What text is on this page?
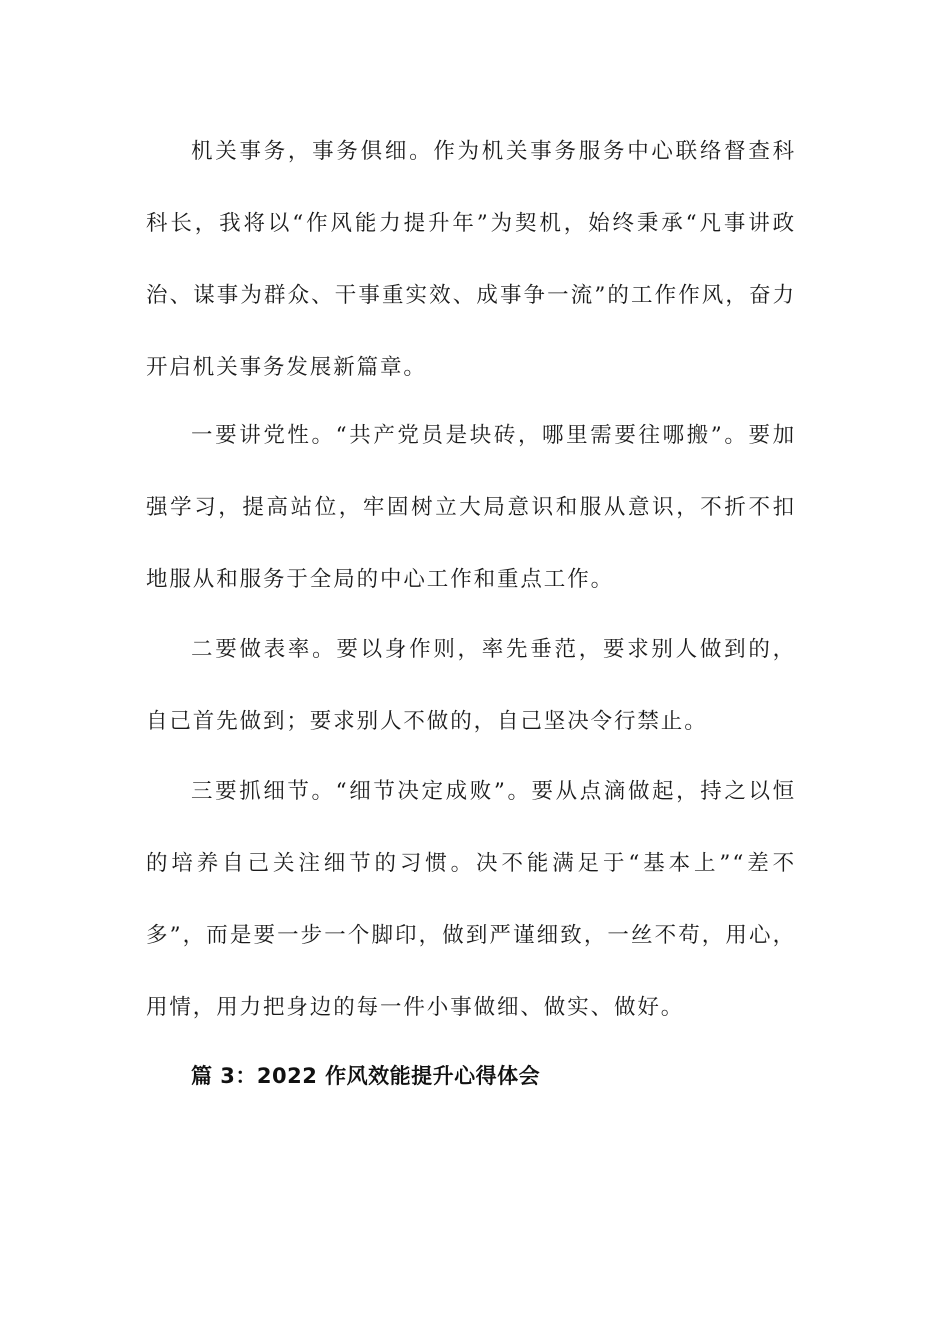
机关事务，事务俱细。作为机关事务服务中心联络督查科科长，我将以“作风能力提升年”为契机，始终秉承“凡事讲政治、谋事为群众、干事重实效、成事争一流”的工作作风，奋力开启机关事务发展新篇章。

一要讲党性。“共产党员是块砖，哪里需要往哪搬”。要加强学习，提高站位，牢固树立大局意识和服从意识，不折不扣地服从和服务于全局的中心工作和重点工作。

二要做表率。要以身作则，率先垂范，要求别人做到的，自己首先做到；要求别人不做的，自己坚决令行禁止。

三要抓细节。“细节决定成败”。要从点滴做起，持之以恒的培养自己关注细节的习惯。决不能满足于“基本上”“差不多”，而是要一步一个脚印，做到严谨细致，一丝不苟，用心，用情，用力把身边的每一件小事做细、做实、做好。

篇 3：2022 作风效能提升心得体会
